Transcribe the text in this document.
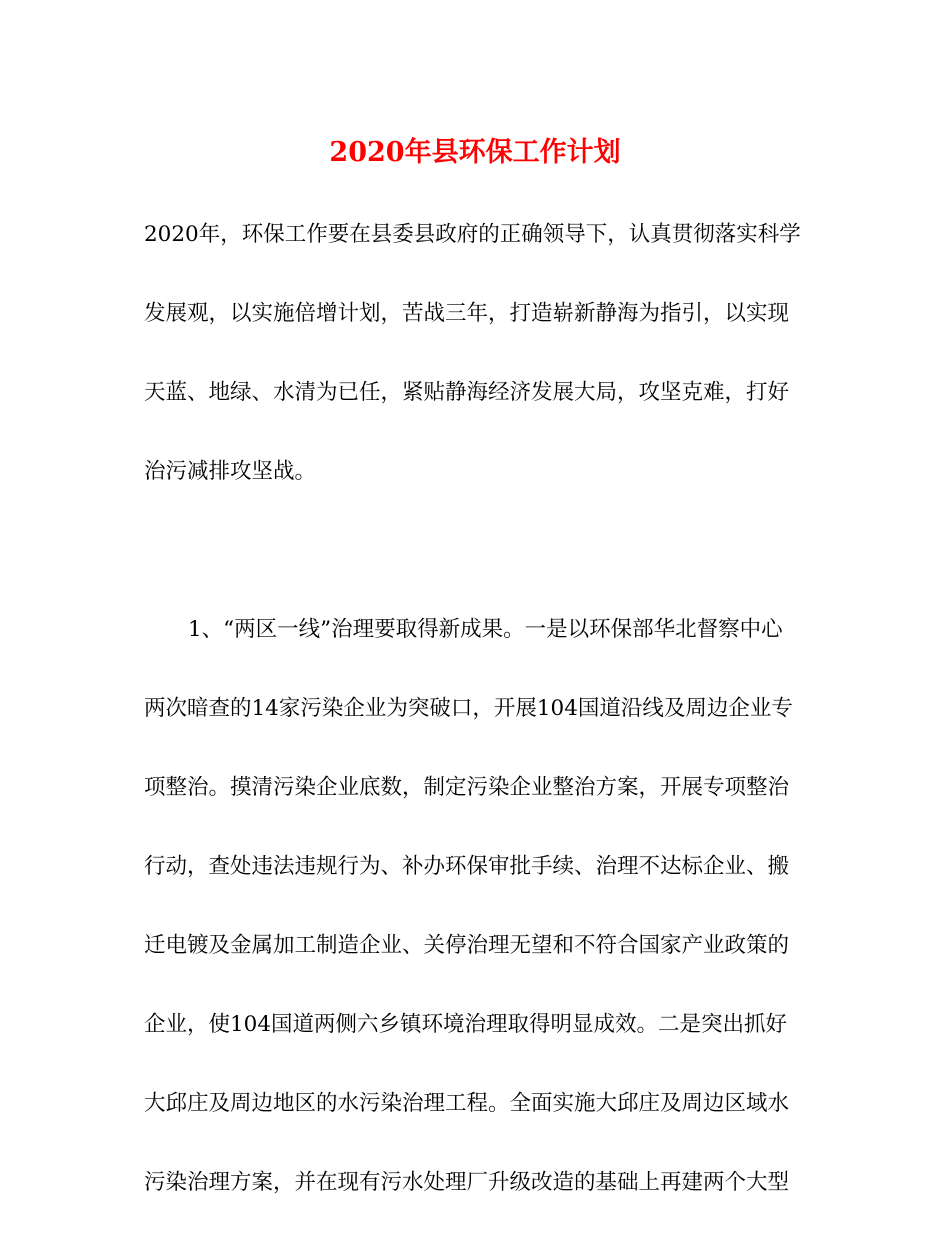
2020年县环保工作计划
2020年，环保工作要在县委县政府的正确领导下，认真贯彻落实科学
发展观，以实施倍增计划，苦战三年，打造崭新静海为指引，以实现
天蓝、地绿、水清为已任，紧贴静海经济发展大局，攻坚克难，打好
治污减排攻坚战。
1、“两区一线”治理要取得新成果。一是以环保部华北督察中心
两次暗查的14家污染企业为突破口，开展104国道沿线及周边企业专
项整治。摸清污染企业底数，制定污染企业整治方案，开展专项整治
行动，查处违法违规行为、补办环保审批手续、治理不达标企业、搬
迁电镀及金属加工制造企业、关停治理无望和不符合国家产业政策的
企业，使104国道两侧六乡镇环境治理取得明显成效。二是突出抓好
大邱庄及周边地区的水污染治理工程。全面实施大邱庄及周边区域水
污染治理方案，并在现有污水处理厂升级改造的基础上再建两个大型
